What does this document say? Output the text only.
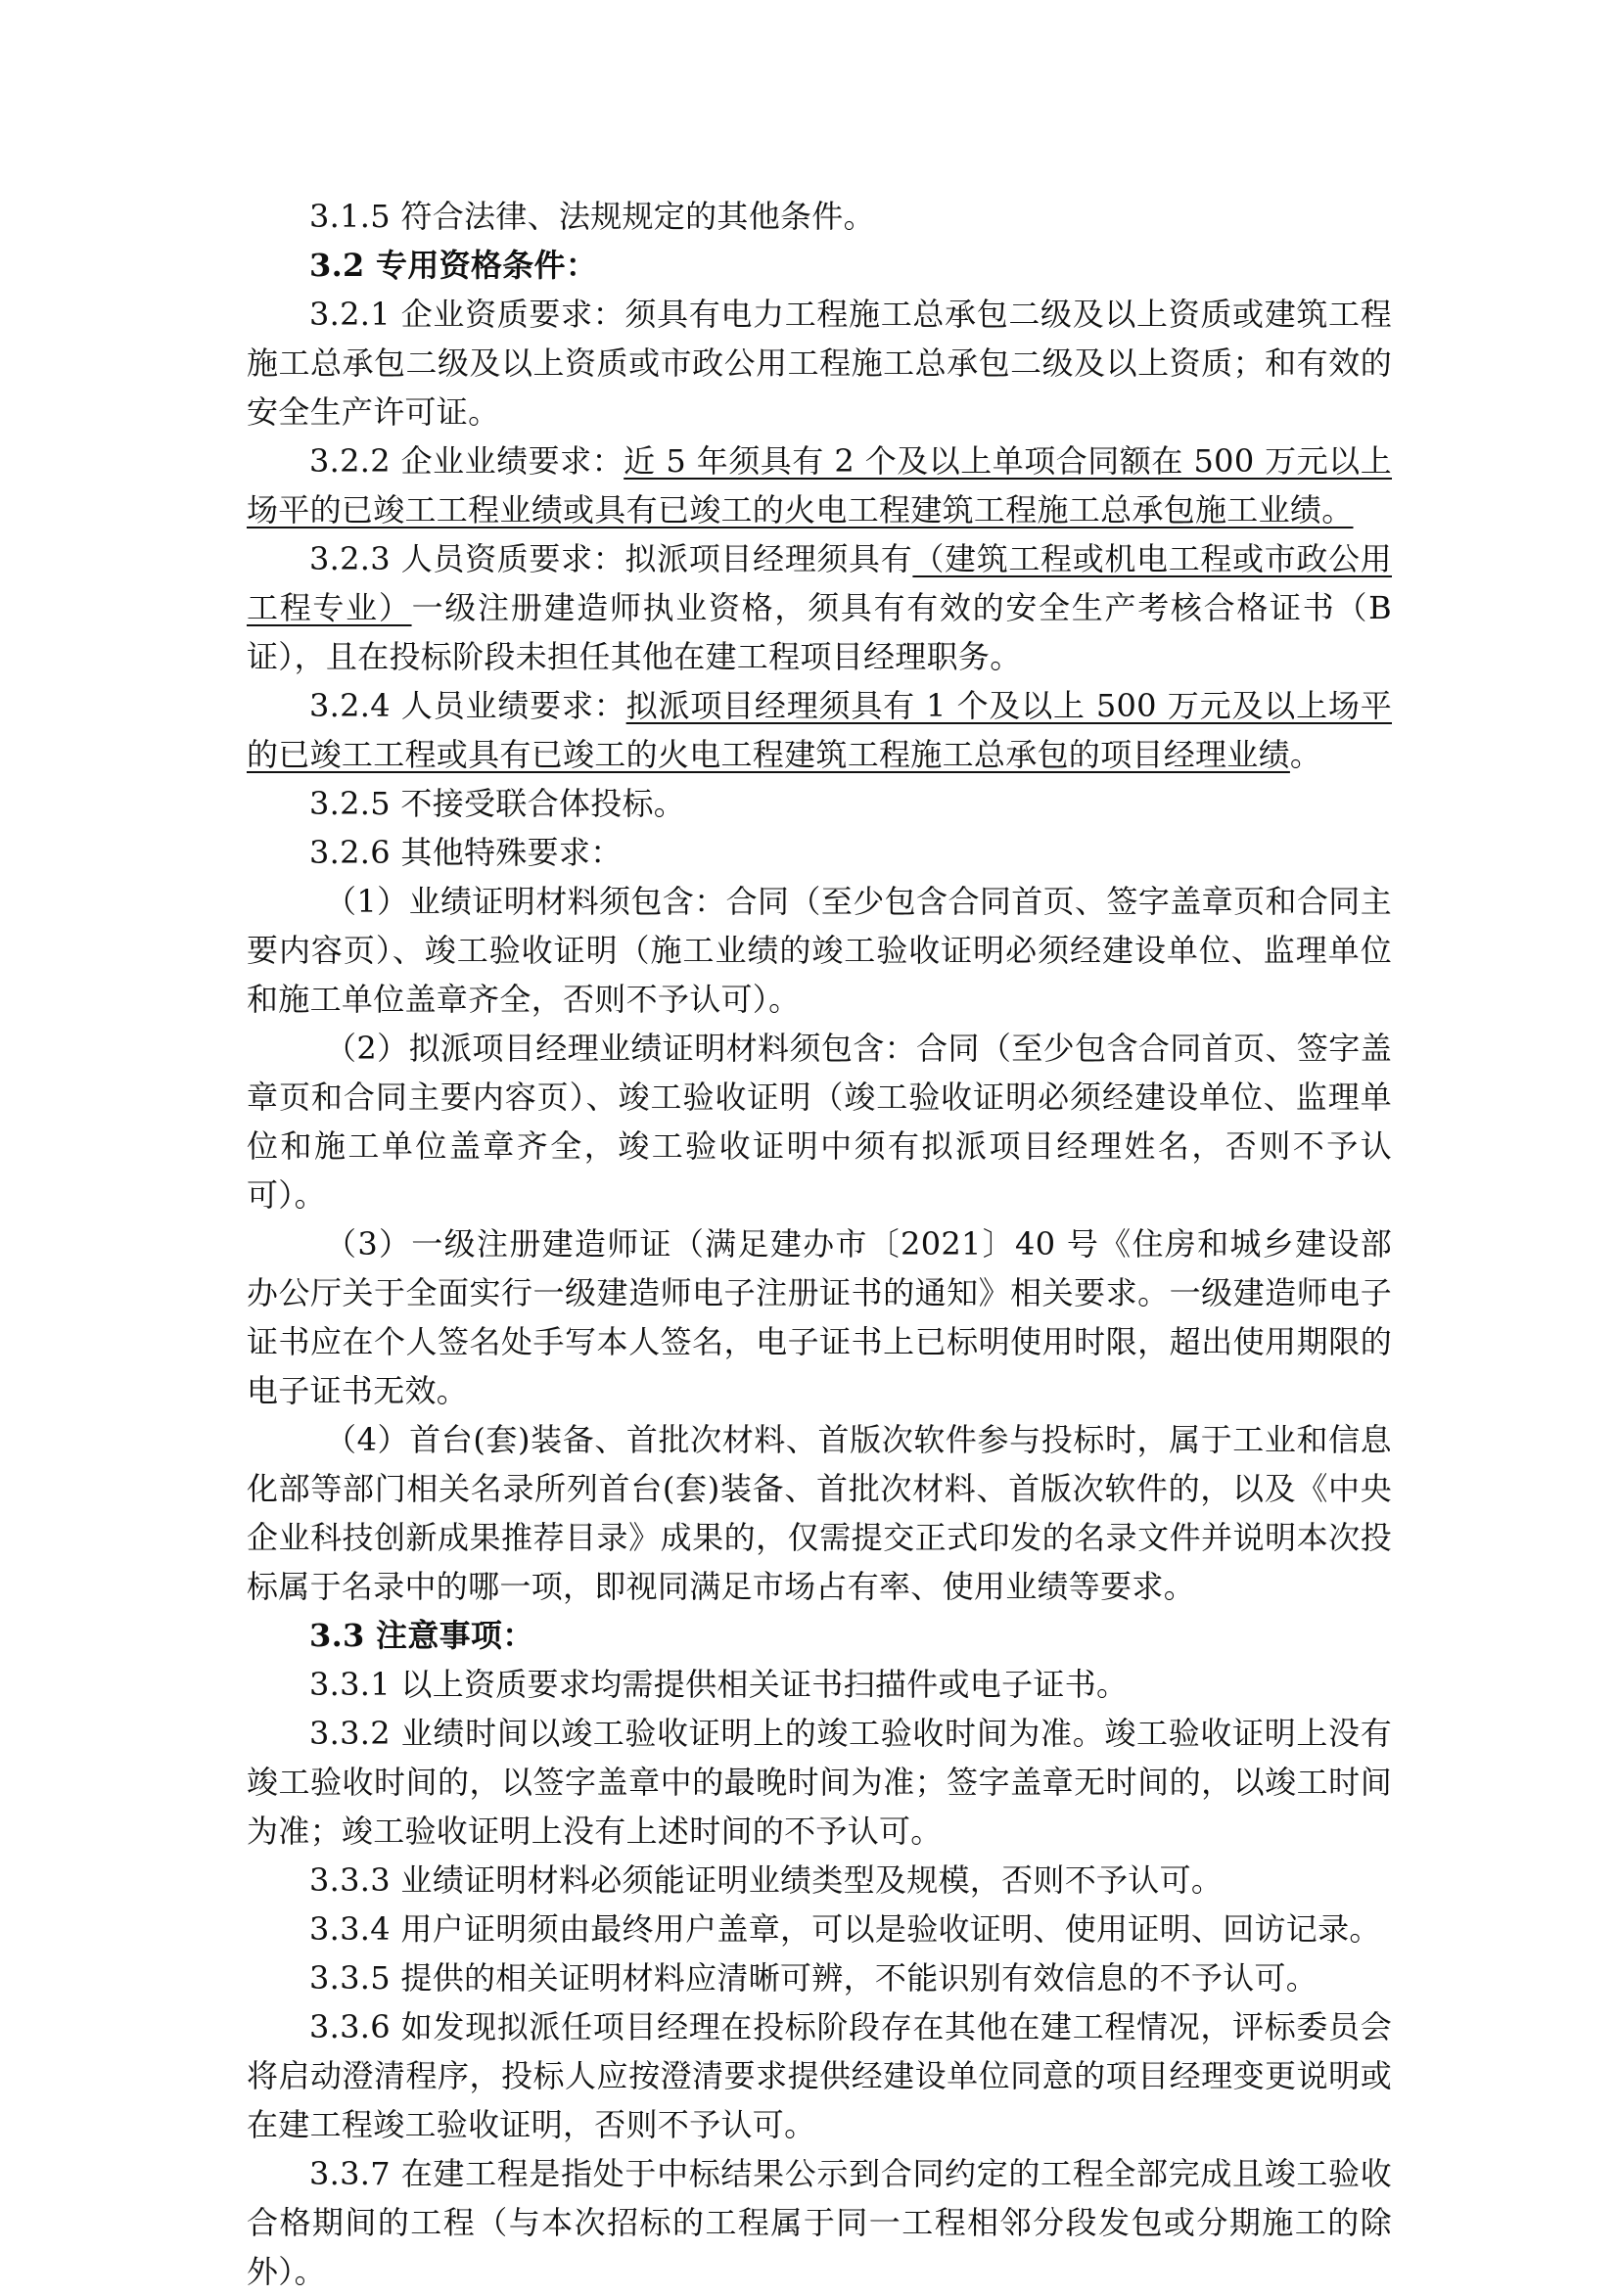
3.1.5 符合法律、法规规定的其他条件。

3.2 专用资格条件：

3.2.1 企业资质要求：须具有电力工程施工总承包二级及以上资质或建筑工程施工总承包二级及以上资质或市政公用工程施工总承包二级及以上资质；和有效的安全生产许可证。

3.2.2 企业业绩要求：近 5 年须具有 2 个及以上单项合同额在 500 万元以上场平的已竣工工程业绩或具有已竣工的火电工程建筑工程施工总承包施工业绩。

3.2.3 人员资质要求：拟派项目经理须具有（建筑工程或机电工程或市政公用工程专业）一级注册建造师执业资格，须具有有效的安全生产考核合格证书（B 证），且在投标阶段未担任其他在建工程项目经理职务。

3.2.4 人员业绩要求：拟派项目经理须具有 1 个及以上 500 万元及以上场平的已竣工工程或具有已竣工的火电工程建筑工程施工总承包的项目经理业绩。

3.2.5 不接受联合体投标。

3.2.6 其他特殊要求：

（1）业绩证明材料须包含：合同（至少包含合同首页、签字盖章页和合同主要内容页）、竣工验收证明（施工业绩的竣工验收证明必须经建设单位、监理单位和施工单位盖章齐全，否则不予认可）。

（2）拟派项目经理业绩证明材料须包含：合同（至少包含合同首页、签字盖章页和合同主要内容页）、竣工验收证明（竣工验收证明必须经建设单位、监理单位和施工单位盖章齐全，竣工验收证明中须有拟派项目经理姓名，否则不予认可）。

（3）一级注册建造师证（满足建办市〔2021〕40 号《住房和城乡建设部办公厅关于全面实行一级建造师电子注册证书的通知》相关要求。一级建造师电子证书应在个人签名处手写本人签名，电子证书上已标明使用时限，超出使用期限的电子证书无效。

（4）首台(套)装备、首批次材料、首版次软件参与投标时，属于工业和信息化部等部门相关名录所列首台(套)装备、首批次材料、首版次软件的，以及《中央企业科技创新成果推荐目录》成果的，仅需提交正式印发的名录文件并说明本次投标属于名录中的哪一项，即视同满足市场占有率、使用业绩等要求。

3.3 注意事项：

3.3.1 以上资质要求均需提供相关证书扫描件或电子证书。

3.3.2 业绩时间以竣工验收证明上的竣工验收时间为准。竣工验收证明上没有竣工验收时间的，以签字盖章中的最晚时间为准；签字盖章无时间的，以竣工时间为准；竣工验收证明上没有上述时间的不予认可。

3.3.3 业绩证明材料必须能证明业绩类型及规模，否则不予认可。

3.3.4 用户证明须由最终用户盖章，可以是验收证明、使用证明、回访记录。

3.3.5 提供的相关证明材料应清晰可辨，不能识别有效信息的不予认可。

3.3.6 如发现拟派任项目经理在投标阶段存在其他在建工程情况，评标委员会将启动澄清程序，投标人应按澄清要求提供经建设单位同意的项目经理变更说明或在建工程竣工验收证明，否则不予认可。

3.3.7 在建工程是指处于中标结果公示到合同约定的工程全部完成且竣工验收合格期间的工程（与本次招标的工程属于同一工程相邻分段发包或分期施工的除外）。
